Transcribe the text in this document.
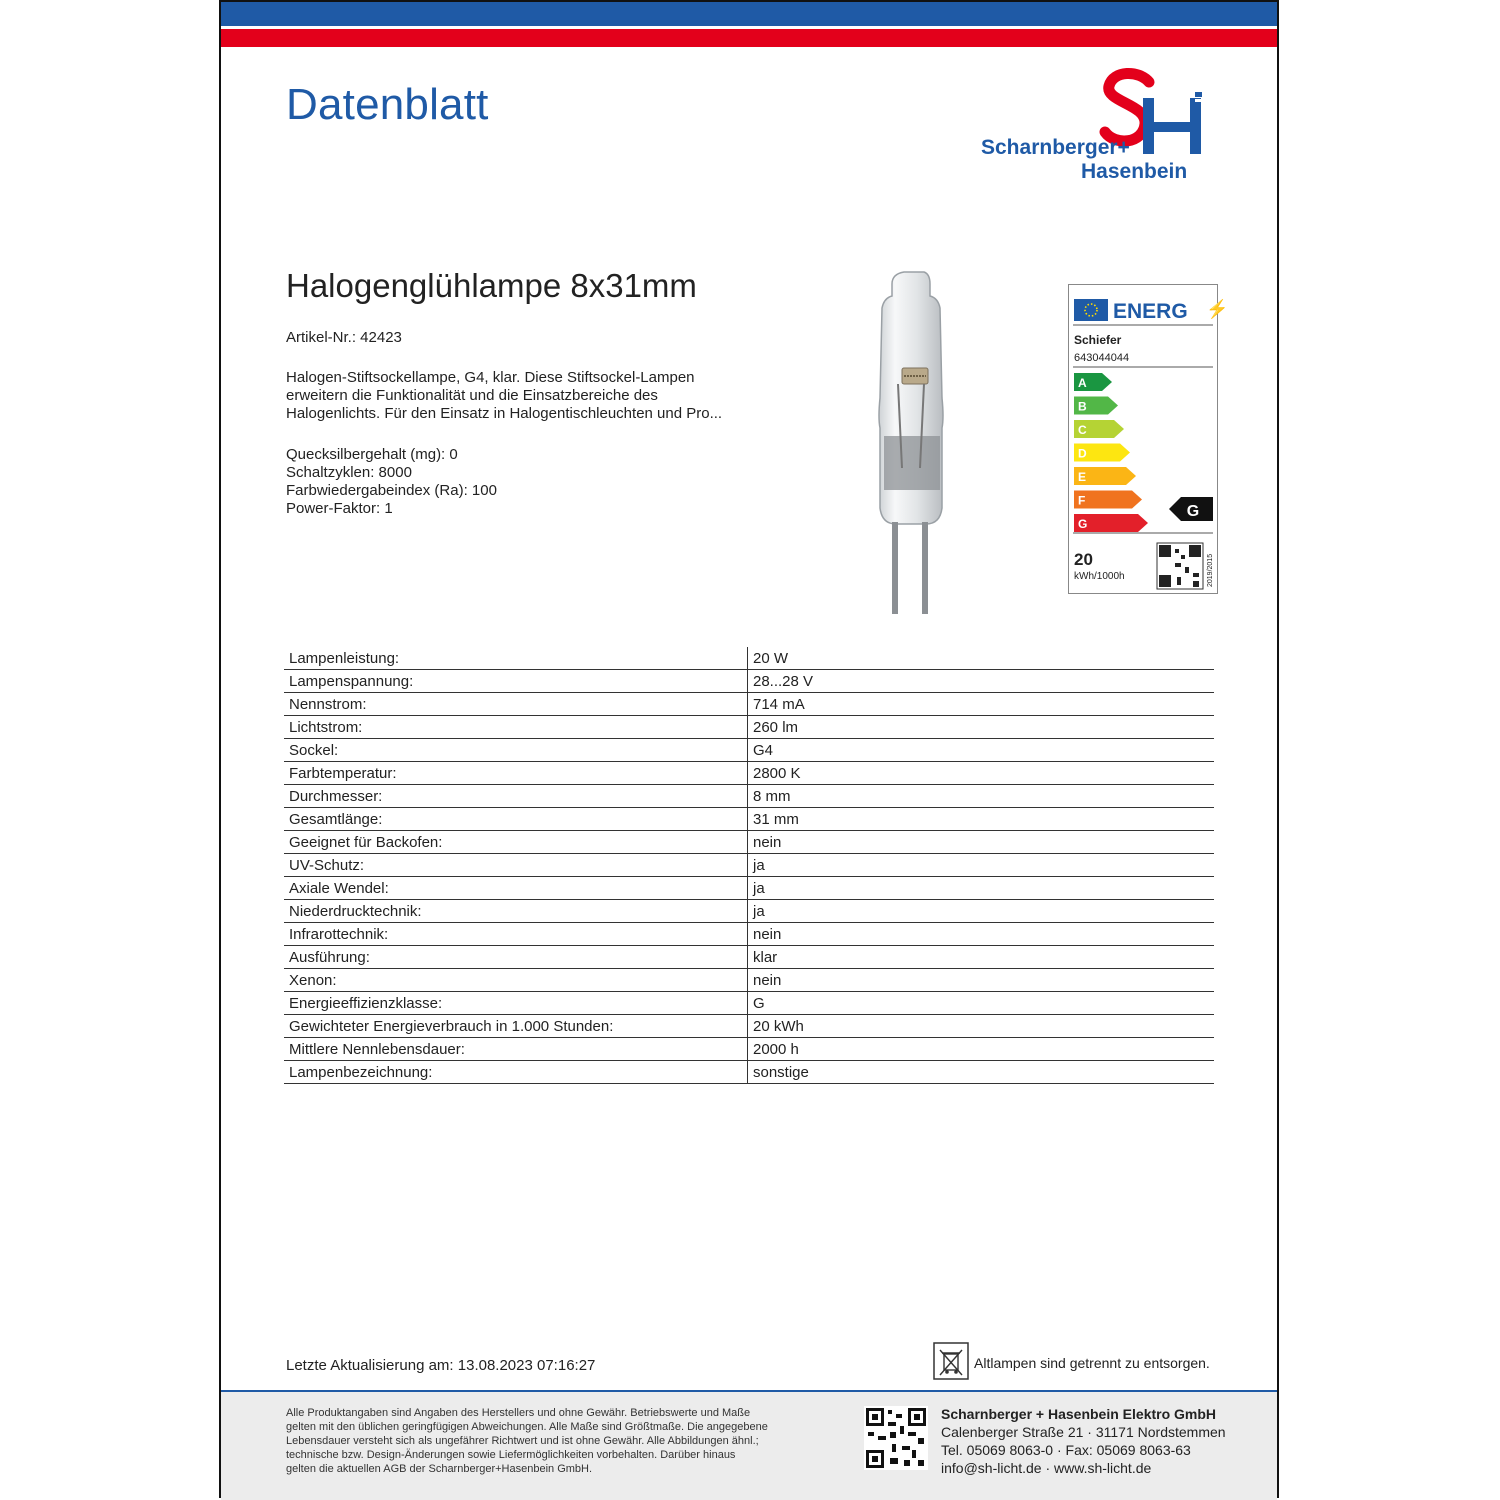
Datenblatt
Scharnberger+
Hasenbein
Halogenglühlampe 8x31mm
Artikel-Nr.: 42423
Halogen-Stiftsockellampe, G4, klar. Diese Stiftsockel-Lampen
erweitern die Funktionalität und die Einsatzbereiche des
Halogenlichts. Für den Einsatz in Halogentischleuchten und Pro...
Quecksilbergehalt (mg): 0
Schaltzyklen: 8000
Farbwiedergabeindex (Ra): 100
Power-Faktor: 1
ENERG ⚡
Schiefer
643044044
A
B
C
D
E
F
G
G
20
kWh/1000h	2019/2015
Lampenleistung:	20 W
Lampenspannung:	28...28 V
Nennstrom:	714 mA
Lichtstrom:	260 lm
Sockel:	G4
Farbtemperatur:	2800 K
Durchmesser:	8 mm
Gesamtlänge:	31 mm
Geeignet für Backofen:	nein
UV-Schutz:	ja
Axiale Wendel:	ja
Niederdrucktechnik:	ja
Infrarottechnik:	nein
Ausführung:	klar
Xenon:	nein
Energieeffizienzklasse:	G
Gewichteter Energieverbrauch in 1.000 Stunden:	20 kWh
Mittlere Nennlebensdauer:	2000 h
Lampenbezeichnung:	sonstige
Letzte Aktualisierung am: 13.08.2023 07:16:27	Altlampen sind getrennt zu entsorgen.
Alle Produktangaben sind Angaben des Herstellers und ohne Gewähr. Betriebswerte und Maße
gelten mit den üblichen geringfügigen Abweichungen. Alle Maße sind Größtmaße. Die angegebene
Lebensdauer versteht sich als ungefährer Richtwert und ist ohne Gewähr. Alle Abbildungen ähnl.;
technische bzw. Design-Änderungen sowie Liefermöglichkeiten vorbehalten. Darüber hinaus
gelten die aktuellen AGB der Scharnberger+Hasenbein GmbH.
Scharnberger + Hasenbein Elektro GmbH
Calenberger Straße 21 · 31171 Nordstemmen
Tel. 05069 8063-0 · Fax: 05069 8063-63
info@sh-licht.de · www.sh-licht.de
